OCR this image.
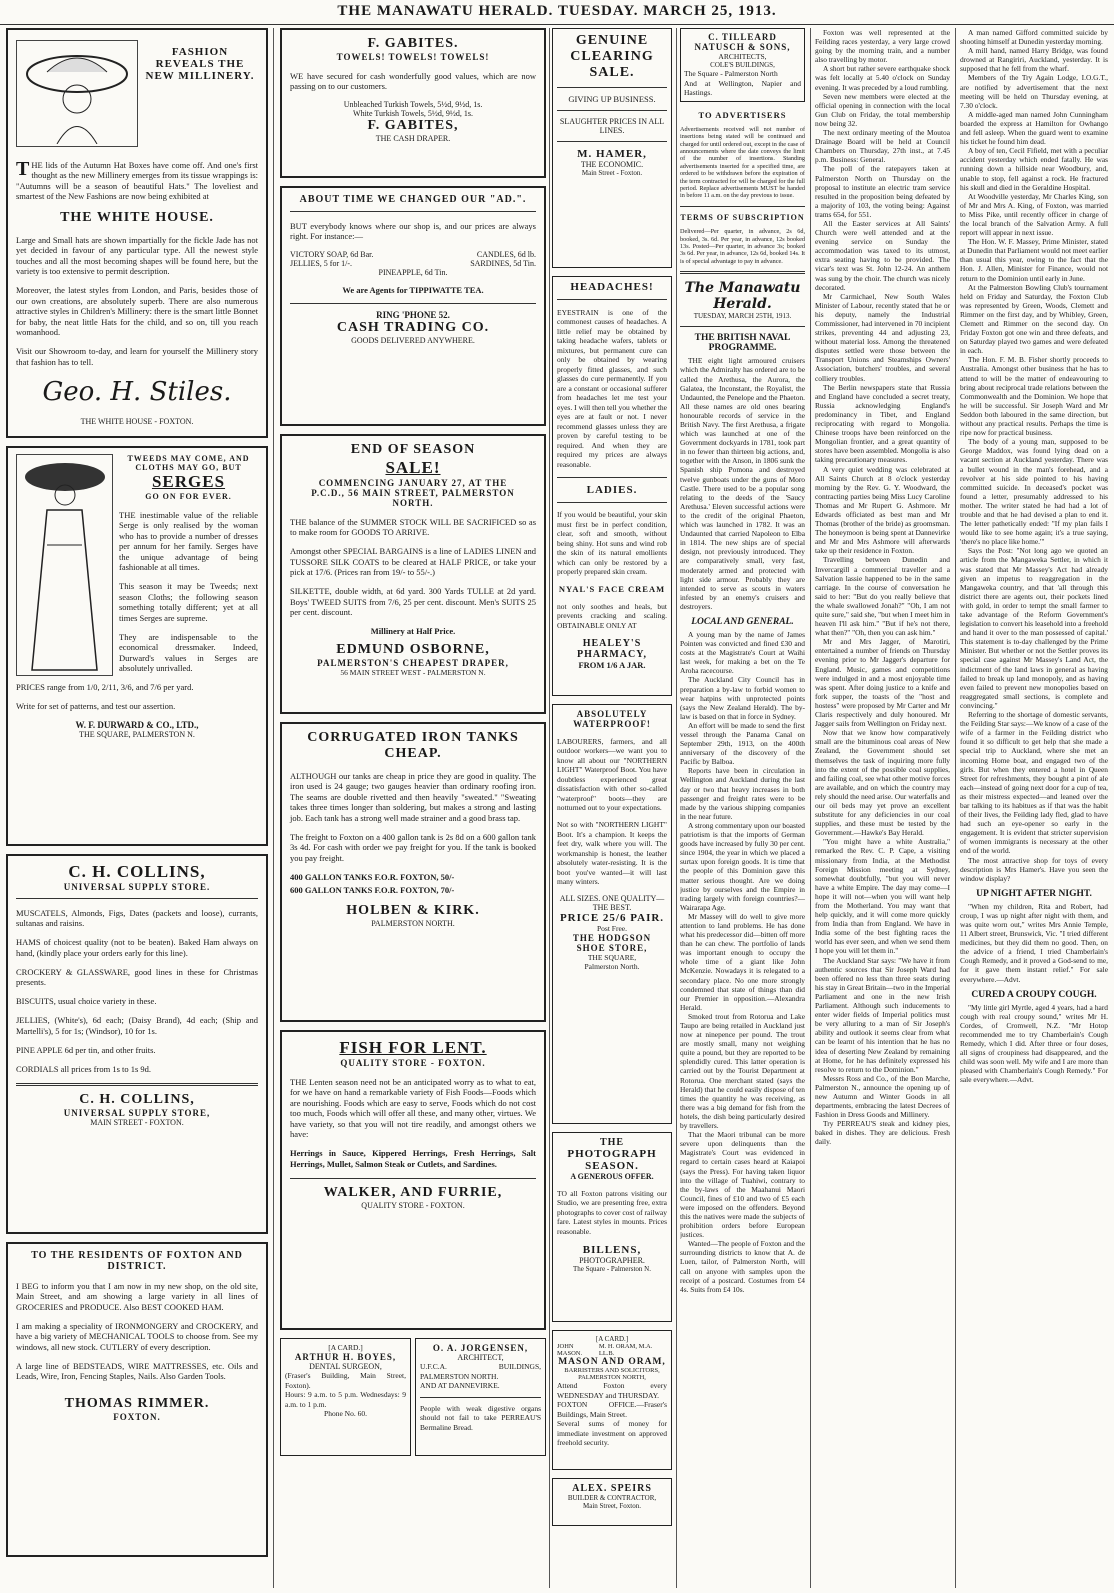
THE MANAWATU HERALD. TUESDAY. MARCH 25, 1913.
FASHION REVEALS THE NEW MILLINERY.

THE lids of the Autumn Hat Boxes have come off. And one's first thought as the new Millinery emerges from its tissue wrappings is: "Autumns will be a season of beautiful Hats." The loveliest and smartest of the New Fashions are now being exhibited at

THE WHITE HOUSE.

Large and Small hats are shown impartially for the fickle Jade has not yet decided in favour of any particular type. All the newest style touches and all the most becoming shapes will be found here, but the variety is too extensive to permit description.

Moreover, the latest styles from London, and Paris, besides those of our own creations, are absolutely superb. There are also numerous attractive styles in Children's Millinery: there is the smart little Bonnet for baby, the neat little Hats for the child, and so on, till you reach womanhood.

Visit our Showroom to-day, and learn for yourself the Millinery story that fashion has to tell.

Geo. H. Stiles.
THE WHITE HOUSE - FOXTON.
TWEEDS MAY COME, AND CLOTHS MAY GO, BUT
SERGES
GO ON FOR EVER.

THE inestimable value of the reliable Serge is only realised by the woman who has to provide a number of dresses per annum for her family. Serges have the unique advantage of being fashionable at all times.

This season it may be Tweeds; next season Cloths; the following season something totally different; yet at all times Serges are supreme.

They are indispensable to the economical dressmaker. Indeed, Durward's values in Serges are absolutely unrivalled.

PRICES range from 1/0, 2/11, 3/6, and 7/6 per yard.

Write for set of patterns, and test our assertion.

W. F. DURWARD & CO., LTD.,
THE SQUARE, PALMERSTON N.
C. H. COLLINS,
UNIVERSAL SUPPLY STORE.

MUSCATELS, Almonds, Figs, Dates (packets and loose), currants, sultanas and raisins.

HAMS of choicest quality (not to be beaten). Baked Ham always on hand, (kindly place your orders early for this line).

CROCKERY & GLASSWARE, good lines in these for Christmas presents.

BISCUITS, usual choice variety in these.

JELLIES, (White's), 6d each; (Daisy Brand), 4d each; (Ship and Martelli's), 5 for 1s; (Windsor), 10 for 1s.

PINE APPLE 6d per tin, and other fruits.

CORDIALS all prices from 1s to 1s 9d.

C. H. COLLINS,
UNIVERSAL SUPPLY STORE,
MAIN STREET - FOXTON.
TO THE RESIDENTS OF FOXTON AND DISTRICT.

I BEG to inform you that I am now in my new shop, on the old site, Main Street, and am showing a large variety in all lines of GROCERIES and PRODUCE. Also BEST COOKED HAM.

I am making a speciality of IRONMONGERY and CROCKERY, and have a big variety of MECHANICAL TOOLS to choose from. See my windows, all new stock. CUTLERY of every description.

A large line of BEDSTEADS, WIRE MATTRESSES, etc. Oils and Leads, Wire, Iron, Fencing Staples, Nails. Also Garden Tools.

THOMAS RIMMER.
FOXTON.
F. GABITES.
TOWELS! TOWELS! TOWELS!

WE have secured for cash wonderfully good values, which are now passing on to our customers.

Unbleached Turkish Towels, 5½d, 9½d, 1s.
White Turkish Towels, 5½d, 9½d, 1s.
F. GABITES,
THE CASH DRAPER.
ABOUT TIME WE CHANGED OUR "AD.".

BUT everybody knows where our shop is, and our prices are always right. For instance:—

VICTORY SOAP, 6d Bar.	CANDLES, 6d lb.
JELLIES, 5 for 1/-.	SARDINES, 5d Tin.
PINEAPPLE, 6d Tin.
We are Agents for TIPPIWATTE TEA.
RING 'PHONE 52.
CASH TRADING CO.
GOODS DELIVERED ANYWHERE.
END OF SEASON
SALE!
COMMENCING JANUARY 27, AT THE
P.C.D., 56 MAIN STREET, PALMERSTON NORTH.

THE balance of the SUMMER STOCK WILL BE SACRIFICED so as to make room for GOODS TO ARRIVE.

Amongst other SPECIAL BARGAINS is a line of LADIES LINEN and TUSSORE SILK COATS to be cleared at HALF PRICE, or take your pick at 17/6. (Prices ran from 19/- to 55/-.)

SILKETTE, double width, at 6d yard. 300 Yards TULLE at 2d yard. Boys' TWEED SUITS from 7/6, 25 per cent. discount. Men's SUITS 25 per cent. discount.

Millinery at Half Price.
EDMUND OSBORNE,
PALMERSTON'S CHEAPEST DRAPER,
56 MAIN STREET WEST - PALMERSTON N.
CORRUGATED IRON TANKS CHEAP.

ALTHOUGH our tanks are cheap in price they are good in quality. The iron used is 24 gauge; two gauges heavier than ordinary roofing iron. The seams are double rivetted and then heavily "sweated." "Sweating takes three times longer than soldering, but makes a strong and lasting job. Each tank has a strong well made strainer and a good brass tap.

The freight to Foxton on a 400 gallon tank is 2s 8d on a 600 gallon tank 3s 4d. For cash with order we pay freight for you. If the tank is booked you pay freight.

400 GALLON TANKS F.O.R. FOXTON, 50/-
600 GALLON TANKS F.O.R. FOXTON, 70/-
HOLBEN & KIRK.
PALMERSTON NORTH.
FISH FOR LENT.
QUALITY STORE - FOXTON.

THE Lenten season need not be an anticipated worry as to what to eat, for we have on hand a remarkable variety of Fish Foods—Foods which are nourishing. Foods which are easy to serve, Foods which do not cost too much, Foods which will offer all these, and many other, virtues. We have variety, so that you will not tire readily, and amongst others we have:

Herrings in Sauce, Kippered Herrings, Fresh Herrings, Salt Herrings, Mullet, Salmon Steak or Cutlets, and Sardines.

WALKER, AND FURRIE,
QUALITY STORE - FOXTON.
[A CARD.]
ARTHUR H. BOYES,
DENTAL SURGEON,
(Fraser's Building, Main Street, Foxton).
Hours: 9 a.m. to 5 p.m. Wednesdays: 9 a.m. to 1 p.m.
Phone No. 60.
O. A. JORGENSEN,
ARCHITECT,
U.F.C.A. BUILDINGS, PALMERSTON NORTH.
AND AT DANNEVIRKE.
People with weak digestive organs should not fail to take PERREAU'S Bermaline Bread.
GENUINE
CLEARING
SALE.
GIVING UP BUSINESS.
SLAUGHTER PRICES IN ALL LINES.
M. HAMER,
THE ECONOMIC.
Main Street - Foxton.
HEADACHES!

EYESTRAIN is one of the commonest causes of headaches. A little relief may be obtained by taking headache wafers, tablets or mixtures, but permanent cure can only be obtained by wearing properly fitted glasses, and such glasses do cure permanently. If you are a constant or occasional sufferer from headaches let me test your eyes. I will then tell you whether the eyes are at fault or not. I never recommend glasses unless they are proven by careful testing to be required. And when they are required my prices are always reasonable.

LADIES.

If you would be beautiful, your skin must first be in perfect condition, clear, soft and smooth, without being shiny. Hot suns and wind rob the skin of its natural emollients which can only be restored by a properly prepared skin cream.

NYAL'S FACE CREAM

not only soothes and heals, but prevents cracking and scaling. OBTAINABLE ONLY AT

HEALEY'S PHARMACY,
FROM 1/6 A JAR.
ABSOLUTELY WATERPROOF!

LABOURERS, farmers, and all outdoor workers—we want you to know all about our "NORTHERN LIGHT" Waterproof Boot. You have doubtless experienced great dissatisfaction with other so-called "waterproof" boots—they are notturned out to your expectations.

Not so with "NORTHERN LIGHT" Boot. It's a champion. It keeps the feet dry, walk where you will. The workmanship is honest, the leather absolutely water-resisting. It is the boot you've wanted—it will last many winters.

ALL SIZES. ONE QUALITY—THE BEST.
PRICE 25/6 PAIR.
Post Free.
THE HODGSON SHOE STORE,
THE SQUARE,
Palmerston North.
THE
PHOTOGRAPH
SEASON.
A GENEROUS OFFER.

TO all Foxton patrons visiting our Studio, we are presenting free, extra photographs to cover cost of railway fare. Latest styles in mounts. Prices reasonable.

BILLENS,
PHOTOGRAPHER.
The Square - Palmerston N.
[A CARD.]
JOHN MASON.
M. H. ORAM, M.A. LL.B.
MASON AND ORAM,
BARRISTERS AND SOLICITORS, PALMERSTON NORTH,
Attend Foxton every WEDNESDAY and THURSDAY.
FOXTON OFFICE.—Fraser's Buildings, Main Street.
Several sums of money for immediate investment on approved freehold security.
ALEX. SPEIRS
BUILDER & CONTRACTOR,
Main Street, Foxton.
C. TILLEARD NATUSCH & SONS,
ARCHITECTS,
COLE'S BUILDINGS,
The Square - Palmerston North
And at Wellington, Napier and Hastings.
TO ADVERTISERS

Advertisements received will not number of insertions being stated will be continued and charged for until ordered out, except in the case of announcements where the date conveys the limit of the number of insertions. Standing advertisements inserted for a specified time, are ordered to be withdrawn before the expiration of the term contracted for will be charged for the full period. Replace advertisements MUST be handed in before 11 a.m. on the day previous to issue.

TERMS OF SUBSCRIPTION

Delivered—Per quarter, in advance, 2s 6d, booked, 3s. 6d. Per year, in advance, 12s booked 13s. Posted—Per quarter, in advance 3s; booked 3s 6d. Per year, in advance, 12s 6d, booked 14s. It is of special advantage to pay in advance.

The Manawatu Herald.
TUESDAY, MARCH 25TH, 1913.
THE BRITISH NAVAL PROGRAMME.

THE eight light armoured cruisers which the Admiralty has ordered are to be called the Arethusa, the Aurora, the Galatea, the Inconstant, the Royalist, the Undaunted, the Penelope and the Phaeton. All these names are old ones bearing honourable records of service in the British Navy. The first Arethusa, a frigate which was launched at one of the Government dockyards in 1781, took part in no fewer than thirteen big actions, and, together with the Anson, in 1806 sunk the Spanish ship Pomona and destroyed twelve gunboats under the guns of Moro Castle. There used to be a popular song relating to the deeds of the 'Saucy Arethusa.' Eleven successful actions were to the credit of the original Phaeton, which was launched in 1782. It was an Undaunted that carried Napoleon to Elba in 1814. The new ships are of special design, not previously introduced. They are comparatively small, very fast, moderately armed and protected with light side armour. Probably they are intended to serve as scouts in waters infested by an enemy's cruisers and destroyers.

LOCAL AND GENERAL.

A young man by the name of James Pointen was convicted and fined £30 and costs at the Magistrate's Court at Waihi last week, for making a bet on the Te Aroha racecourse.

The Auckland City Council has in preparation a by-law to forbid women to wear hatpins with unprotected points (says the New Zealand Herald). The by-law is based on that in force in Sydney.

An effort will be made to send the first vessel through the Panama Canal on September 29th, 1913, on the 400th anniversary of the discovery of the Pacific by Balboa.

Reports have been in circulation in Wellington and Auckland during the last day or two that heavy increases in both passenger and freight rates were to be made by the various shipping companies in the near future.

A strong commentary upon our boasted patriotism is that the imports of German goods have increased by fully 30 per cent. since 1904, the year in which we placed a surtax upon foreign goods. It is time that the people of this Dominion gave this matter serious thought. Are we doing justice by ourselves and the Empire in trading largely with foreign countries?—Wairarapa Age.

Mr Massey will do well to give more attention to land problems. He has done what his predecessor did—bitten off more than he can chew. The portfolio of lands was important enough to occupy the whole time of a giant like John McKenzie. Nowadays it is relegated to a secondary place. No one more strongly condemned that state of things than did our Premier in opposition.—Alexandra Herald.

Smoked trout from Rotorua and Lake Taupo are being retailed in Auckland just now at ninepence per pound. The trout are mostly small, many not weighing quite a pound, but they are reported to be splendidly cured. This latter operation is carried out by the Tourist Department at Rotorua. One merchant stated (says the Herald) that he could easily dispose of ten times the quantity he was receiving, as there was a big demand for fish from the hotels, the dish being particularly desired by travellers.

That the Maori tribunal can be more severe upon delinquents than the Magistrate's Court was evidenced in regard to certain cases heard at Kaiapoi (says the Press). For having taken liquor into the village of Tuahiwi, contrary to the by-laws of the Maahanui Maori Council, fines of £10 and two of £5 each were imposed on the offenders. Beyond this the natives were made the subjects of prohibition orders before European justices.

Wanted—The people of Foxton and the surrounding districts to know that A. de Luen, tailor, of Palmerston North, will call on anyone with samples upon the receipt of a postcard. Costumes from £4 4s. Suits from £4 10s.

Foxton was well represented at the Feilding races yesterday, a very large crowd going by the morning train, and a number also travelling by motor.

A short but rather severe earthquake shock was felt locally at 5.40 o'clock on Sunday evening. It was preceded by a loud rumbling.

Seven new members were elected at the official opening in connection with the local Gun Club on Friday, the total membership now being 32.

The next ordinary meeting of the Moutoa Drainage Board will be held at Council Chambers on Thursday, 27th inst., at 7.45 p.m. Business: General.

The poll of the ratepayers taken at Palmerston North on Thursday on the proposal to institute an electric tram service resulted in the proposition being defeated by a majority of 103, the voting being: Against trams 654, for 551.

All the Easter services at All Saints' Church were well attended and at the evening service on Sunday the accommodation was taxed to its utmost, extra seating having to be provided. The vicar's text was St. John 12-24. An anthem was sung by the choir. The church was nicely decorated.

Mr Carmichael, New South Wales Minister of Labour, recently stated that he or his deputy, namely the Industrial Commissioner, had intervened in 70 incipient strikes, preventing 44 and adjusting 23, without material loss. Among the threatened disputes settled were those between the Transport Unions and Steamships Owners' Association, butchers' troubles, and several colliery troubles.

The Berlin newspapers state that Russia and England have concluded a secret treaty, Russia acknowledging England's predominancy in Tibet, and England reciprocating with regard to Mongolia. Chinese troops have been reinforced on the Mongolian frontier, and a great quantity of stores have been assembled. Mongolia is also taking precautionary measures.

A very quiet wedding was celebrated at All Saints Church at 8 o'clock yesterday morning by the Rev. G. Y. Woodward, the contracting parties being Miss Lucy Caroline Thomas and Mr Rupert G. Ashmore. Mr Edwards officiated as best man and Mr Thomas (brother of the bride) as groomsman. The honeymoon is being spent at Dannevirke and Mr and Mrs Ashmore will afterwards take up their residence in Foxton.

Travelling between Dunedin and Invercargill a commercial traveller and a Salvation lassie happened to be in the same carriage. In the course of conversation he said to her: "But do you really believe that the whale swallowed Jonah?" "Oh, I am not quite sure," said she, "but when I meet him in heaven I'll ask him." "But if he's not there, what then?" "Oh, then you can ask him."

Mr and Mrs Jagger, of Marotiri, entertained a number of friends on Thursday evening prior to Mr Jagger's departure for England. Music, games and competitions were indulged in and a most enjoyable time was spent. After doing justice to a knife and fork supper, the toasts of the "host and hostess" were proposed by Mr Carter and Mr Claris respectively and duly honoured. Mr Jagger sails from Wellington on Friday next.

Now that we know how comparatively small are the bituminous coal areas of New Zealand, the Government should set themselves the task of inquiring more fully into the extent of the possible coal supplies, and failing coal, see what other motive forces are available, and on which the country may rely should the need arise. Our waterfalls and our oil beds may yet prove an excellent substitute for any deficiencies in our coal supplies, and these must be tested by the Government.—Hawke's Bay Herald.

"You might have a white Australia," remarked the Rev. C. P. Cape, a visiting missionary from India, at the Methodist Foreign Mission meeting at Sydney, somewhat doubtfully, "but you will never have a white Empire. The day may come—I hope it will not—when you will want help from the Motherland. You may want that help quickly, and it will come more quickly from India than from England. We have in India some of the best fighting races the world has ever seen, and when we send them I hope you will let them in."

The Auckland Star says: "We have it from authentic sources that Sir Joseph Ward had been offered no less than three seats during his stay in Great Britain—two in the Imperial Parliament and one in the new Irish Parliament. Although such inducements to enter wider fields of Imperial politics must be very alluring to a man of Sir Joseph's ability and outlook it seems clear from what can be learnt of his intention that he has no idea of deserting New Zealand by remaining at Home, for he has definitely expressed his resolve to return to the Dominion."

Messrs Ross and Co., of the Bon Marche, Palmerston N., announce the opening up of new Autumn and Winter Goods in all departments, embracing the latest Decrees of Fashion in Dress Goods and Millinery.

Try PERREAU'S steak and kidney pies, baked in dishes. They are delicious. Fresh daily.

A man named Gifford committed suicide by shooting himself at Dunedin yesterday morning.

A mill hand, named Harry Bridge, was found drowned at Rangiriri, Auckland, yesterday. It is supposed that he fell from the wharf.

Members of the Try Again Lodge, I.O.G.T., are notified by advertisement that the next meeting will be held on Thursday evening, at 7.30 o'clock.

A middle-aged man named John Cunningham boarded the express at Hamilton for Owhango and fell asleep. When the guard went to examine his ticket he found him dead.

A boy of ten, Cecil Fifield, met with a peculiar accident yesterday which ended fatally. He was running down a hillside near Woodbury, and, unable to stop, fell against a rock. He fractured his skull and died in the Geraldine Hospital.

At Woodville yesterday, Mr Charles King, son of Mr and Mrs A. King, of Foxton, was married to Miss Pike, until recently officer in charge of the local branch of the Salvation Army. A full report will appear in next issue.

The Hon. W. F. Massey, Prime Minister, stated at Dunedin that Parliament would not meet earlier than usual this year, owing to the fact that the Hon. J. Allen, Minister for Finance, would not return to the Dominion until early in June.

At the Palmerston Bowling Club's tournament held on Friday and Saturday, the Foxton Club was represented by Green, Woods, Clemett and Rimmer on the first day, and by Whibley, Green, Clemett and Rimmer on the second day. On Friday Foxton got one win and three defeats, and on Saturday played two games and were defeated in each.

The Hon. F. M. B. Fisher shortly proceeds to Australia. Amongst other business that he has to attend to will be the matter of endeavouring to bring about reciprocal trade relations between the Commonwealth and the Dominion. We hope that he will be successful. Sir Joseph Ward and Mr Seddon both laboured in the same direction, but without any practical results. Perhaps the time is ripe now for practical business.

The body of a young man, supposed to be George Maddox, was found lying dead on a vacant section at Auckland yesterday. There was a bullet wound in the man's forehead, and a revolver at his side pointed to his having committed suicide. In deceased's pocket was found a letter, presumably addressed to his mother. The writer stated he had had a lot of trouble and that he had devised a plan to end it. The letter pathetically ended: "If my plan fails I would like to see home again; it's a true saying, 'there's no place like home.'"

Says the Post: "Not long ago we quoted an article from the Mangaweka Settler, in which it was stated that Mr Massey's Act had already given an impetus to reaggregation in the Mangaweka country, and that 'all through this district there are agents out, their pockets lined with gold, in order to tempt the small farmer to take advantage of the Reform Government's legislation to convert his leasehold into a freehold and hand it over to the man possessed of capital.' This statement is to-day challenged by the Prime Minister. But whether or not the Settler proves its special case against Mr Massey's Land Act, the indictment of the land laws in general as having failed to break up land monopoly, and as having even failed to prevent new monopolies based on reaggregated small sections, is complete and convincing."

Referring to the shortage of domestic servants, the Feilding Star says:—We know of a case of the wife of a farmer in the Feilding district who found it so difficult to get help that she made a special trip to Auckland, where she met an incoming Home boat, and engaged two of the girls. But when they entered a hotel in Queen Street for refreshments, they bought a pint of ale each—instead of going next door for a cup of tea, as their mistress expected—and leaned over the bar talking to its habitues as if that was the habit of their lives, the Feilding lady fled, glad to have had such an eye-opener so early in the engagement. It is evident that stricter supervision of women immigrants is necessary at the other end of the world.

The most attractive shop for toys of every description is Mrs Hamer's. Have you seen the window display?

UP NIGHT AFTER NIGHT.

"When my children, Rita and Robert, had croup, I was up night after night with them, and was quite worn out," writes Mrs Annie Temple, 11 Albert street, Brunswick, Vic. "I tried different medicines, but they did them no good. Then, on the advice of a friend, I tried Chamberlain's Cough Remedy, and it proved a God-send to me, for it gave them instant relief." For sale everywhere.—Advt.

CURED A CROUPY COUGH.

"My little girl Myrtle, aged 4 years, had a hard cough with real croupy sound," writes Mr H. Cordes, of Cromwell, N.Z. "Mr Hotop recommended me to try Chamberlain's Cough Remedy, which I did. After three or four doses, all signs of croupiness had disappeared, and the child was soon well. My wife and I are more than pleased with Chamberlain's Cough Remedy." For sale everywhere.—Advt.
